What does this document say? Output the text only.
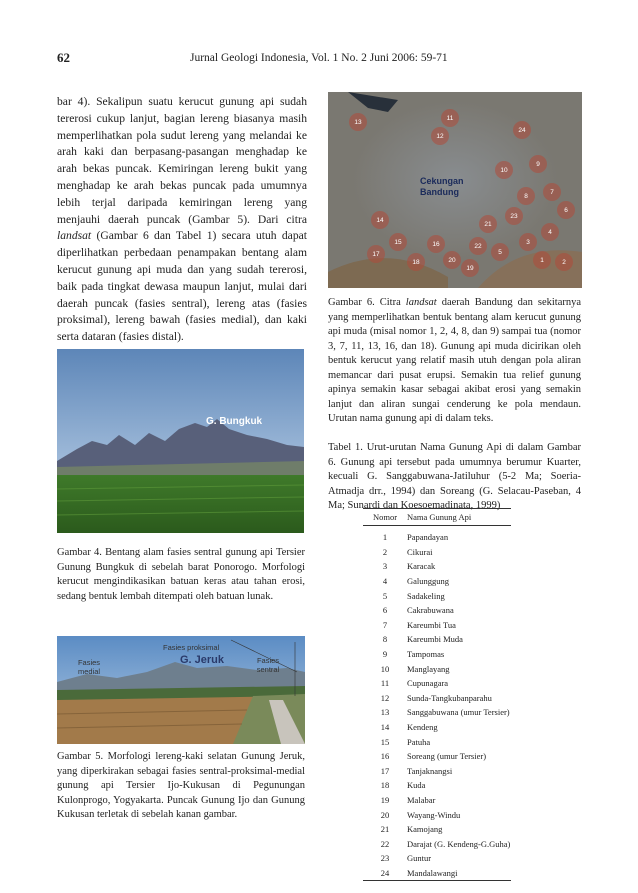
62	Jurnal Geologi Indonesia, Vol. 1 No. 2 Juni 2006: 59-71
bar 4). Sekalipun suatu kerucut gunung api sudah tererosi cukup lanjut, bagian lereng biasanya masih memperlihatkan pola sudut lereng yang melandai ke arah kaki dan berpasang-pasangan menghadap ke arah bekas puncak. Kemiringan lereng bukit yang menghadap ke arah bekas puncak pada umumnya lebih terjal daripada kemiringan lereng yang menjauhi daerah puncak (Gambar 5). Dari citra landsat (Gambar 6 dan Tabel 1) secara utuh dapat diperlihatkan perbedaan penampakan bentang alam kerucut gunung api muda dan yang sudah tererosi, baik pada tingkat dewasa maupun lanjut, mulai dari daerah puncak (fasies sentral), lereng atas (fasies proksimal), lereng bawah (fasies medial), dan kaki serta dataran (fasies distal).
G. Bungkuk
Gambar 4. Bentang alam fasies sentral gunung api Tersier Gunung Bungkuk di sebelah barat Ponorogo. Morfologi kerucut mengindikasikan batuan keras atau tahan erosi, sedang bentuk lembah ditempati oleh batuan lunak.
Fasies proksimal
G. Jeruk
Fasies medial
Fasies sentral
Gambar 5. Morfologi lereng-kaki selatan Gunung Jeruk, yang diperkirakan sebagai fasies sentral-proksimal-medial gunung api Tersier Ijo-Kukusan di Pegunungan Kulonprogo, Yogyakarta. Puncak Gunung Ijo dan Gunung Kukusan terletak di sebelah kanan gambar.
1	2
3
4
5
6
7
8
9
10
11
12
13
14
15	16
17
18
19
20
21
22
23
24
Cekungan Bandung
Gambar 6. Citra landsat daerah Bandung dan sekitarnya yang memperlihatkan bentuk bentang alam kerucut gunung api muda (misal nomor 1, 2, 4, 8, dan 9) sampai tua (nomor 3, 7, 11, 13, 16, dan 18). Gunung api muda dicirikan oleh bentuk kerucut yang relatif masih utuh dengan pola aliran memancar dari pusat erupsi. Semakin tua relief gunung apinya semakin kasar sebagai akibat erosi yang semakin lanjut dan aliran sungai cenderung ke pola mendaun. Urutan nama gunung api di dalam teks.
Tabel 1. Urut-urutan Nama Gunung Api di dalam Gambar 6. Gunung api tersebut pada umumnya berumur Kuarter, kecuali G. Sanggabuwana-Jatiluhur (5-2 Ma; Soeria-Atmadja drr., 1994) dan Soreang (G. Selacau-Paseban, 4 Ma; Sunardi dan Koesoemadinata, 1999)
Nomor	Nama Gunung Api
1	Papandayan
2	Cikurai
3	Karacak
4	Galunggung
5	Sadakeling
6	Cakrabuwana
7	Kareumbi Tua
8	Kareumbi Muda
9	Tampomas
10	Manglayang
11	Cupunagara
12	Sunda-Tangkubanparahu
13	Sanggabuwana (umur Tersier)
14	Kendeng
15	Patuha
16	Soreang (umur Tersier)
17	Tanjaknangsi
18	Kuda
19	Malabar
20	Wayang-Windu
21	Kamojang
22	Darajat (G. Kendeng-G.Guha)
23	Guntur
24	Mandalawangi
